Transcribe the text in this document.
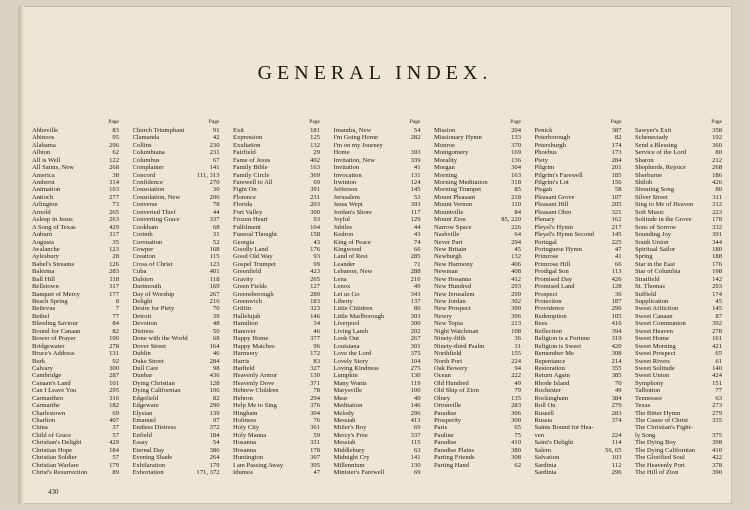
GENERAL INDEX.
Page
Abbeville	83
Abinoos	95
Alabama	296
Albion	62
All is Well	122
All Saints, New	268
America	38
Amherst	314
Animation	103
Antioch	277
Arlington	73
Arnold	265
Asleep in Jesus	263
A Song of Texas	429
Auburn	317
Augusta	35
Avalanche	123
Aylesbury	28
Babel's Streams	126
Balerma	283
Ball Hill	118
Bellstown	317
Banquet of Mercy	177
Beach Spring	8
Bellevue	7
Bethel	77
Bleeding Saviour	84
Bound for Canaan	82
Bower of Prayer	100
Bridgewater	278
Bruce's Address	131
Burk	92
Calvary	300
Cambridge	287
Canaan's Land	101
Can I Leave You	295
Carmarthen	316
Carmarthe	182
Charlestown	69
Charlton	407
China	37
Child of Grace	57
Christian's Delight	429
Christian Hope	184
Christian Soldier	57
Christian Warfare	179
Christ's Resurrection	89
Page
Church Triumphant	91
Clamanda	42
Collins	230
Columbiana	231
Columbus	67
Complainer	141
Concord	111, 313
Confidence	270
Consolation	30
Consolation, New	206
Converse	78
Converted Thief	44
Converting Grace	337
Cookham	68
Corinth	31
Coronation	52
Cowper	168
Creation	115
Cross of Christ	123
Cuba	401
Dalston	118
Dartmouth	169
Day of Worship	267
Delight	216
Desire for Piety	70
Detroit	39
Devotion	48
Distress	50
Done with the World	68
Dover Street	164
Dublin	46
Duke Street	284
Dull Care	98
Dunbar	436
Dying Christian	128
Dying Californian	106
Edgefield	82
Edgeware	290
Elysian	139
Emanuel	97
Endless Distress	372
Enfield	184
Essay	54
Eternal Day	386
Evening Shade	264
Exhilaration	179
Exhortation	171, 372
Page
Exit	181
Expression	125
Exultation	132
Fairfield	29
Fame of Jesus	402
Family Bible	163
Family Circle	369
Farewell to All	69
Fight On	391
Florence	231
Florida	203
Fort Valley	300
Frozen Heart	93
Fulfilment	104
Funeral Thought	158
Georgia	43
Goodly Land	176
Good Old Way	93
Gospel Trumpet	99
Greenfield	423
Gravity	265
Green Fields	127
Greensborough	289
Greenwich	183
Griffin	323
Hallelujah	146
Hamilton	34
Hanover	46
Happy Home	377
Happy Matches	96
Harmony	172
Harris	83
Hatfield	327
Heavenly Armor	130
Heavenly Dove	371
Hebrew Children	78
Hebron	294
Help Me to Sing	376
Hingham	304
Holiness	76
Holy City	361
Holy Manna	59
Hosanna	331
Hosanna	178
Huntington	307
I am Passing Away	395
Idumea	47
Page
Imandra, New	54
I'm Going Home	282
I'm on my Journey
Home	393
Invitation, New	339
Invitation	41
Invocation	131
Irwinton	124
Jefferson	145
Jerusalem	53
Jesus Wept	393
Jordan's Shore	117
Joyful	129
Jubilee	44
Kedron	43
King of Peace	74
Kingwood	66
Land of Rest	285
Leander	71
Lebanon, New	288
Lena	210
Lenox	49
Let us Go	343
Liberty	137
Little Children	86
Little Marlborough	303
Liverpool	300
Living Lamb	202
Look Out	267
Louisiana	301
Love the Lord	375
Lovely Story	104
Loving Kindness	275
Lumpkin	130
Many Wants	119
Marysville	100
Mear	40
Meditation	146
Melody	296
Messiah	413
Miller's Boy	69
Mercy's Free	337
Messiah	115
Middlebury	63
Midnight Cry	141
Millennium	130
Minister's Farewell	69
Page
Mission	204
Missionary Hymn	133
Monroe	370
Montgomery	169
Morality	136
Morgan	304
Morning	163
Morning Meditation	318
Morning Trumpet	85
Mount Pleasant	218
Mount Vernon	110
Mountville	84
Mount Zion	85, 220
Narrow Space	226
Nashville	64
Never Part	294
New Britain	45
Newburgh	132
New Harmony	406
Newman	408
New Hosanna	412
New Hundred	293
New Jerusalem	299
New Jordan	302
New Prospect	390
Newry	396
New Topia	213
Night Watchman	108
Ninety-fifth	36
Ninety-third Psalm	31
Northfield	155
North Port	224
Oak Bowery	94
Ocean	222
Old Hundred	49
Old Ship of Zion	79
Olney	135
Ortonville	283
Paradise	306
Prosperity	300
Paris	65
Pauline	75
Paradise	410
Paradise Plains	380
Parting Friends	308
Parting Hand	62
Page
Penick	387
Peterborough	82
Petersburgh	174
Phoebus	173
Piety	284
Pilgrim	201
Pilgrim's Farewell	185
Pilgrim's Lot	156
Pisgah	58
Pleasant Grove	107
Pleasant Hill	205
Pleasant Ohio	321
Plenary	162
Pleyel's Hymn	217
Pleyel's Hymn Second	145
Portugal	225
Portuguese Hymn	47
Primrose	41
Primrose Hill	66
Prodigal Son	113
Promised Day	426
Promised Land	128
Prospect	36
Protection	187
Providence	296
Redemption	105
Rees	416
Reflection	394
Religion is a Fortune	319
Religion is Sweet	420
Remember Me	308
Repentance	214
Restoration	355
Return Again	385
Rhode Island	70
Rochester	49
Rockingham	384
Roll On	279
Russell	283
Russia	374
Saints Bound for Hea-
ven	224
Saint's Delight	114
Salem	56, 65
Salvation	103
Sardinia	112
Sardinia	296
Page
Sawyer's Exit	358
Schenectady	192
Send a Blessing	360
Service of the Lord	80
Sharon	212
Shepherds, Rejoice	268
Sherburne	186
Shiloh	426
Shouting Song	80
Silver Street	311
Sing to Me of Heaven	312
Soft Music	223
Solitude in the Grove	178
Sons of Sorrow	332
Sounding Joy	391
South Union	344
Spiritual Sailor	180
Spring	188
Star in the East	176
Star of Columbia	198
Stratfield	142
St. Thomas	293
Suffield	174
Supplication	45
Sweet Affliction	145
Sweet Canaan	87
Sweet Communion	392
Sweet Heaven	278
Sweet Home	161
Sweet Morning	421
Sweet Prospect	65
Sweet Rivers	61
Sweet Solitude	140
Sweet Union	424
Symphony	151
Talbotton	77
Tennessee	63
Texas	273
The Bitter Hymn	279
The Cause of Christ	335
The Christian's Fight-
ly Song	375
The Dying Boy	398
The Dying Californian	410
The Glorified Soul	422
The Heavenly Port	378
The Hill of Zion	390
430
